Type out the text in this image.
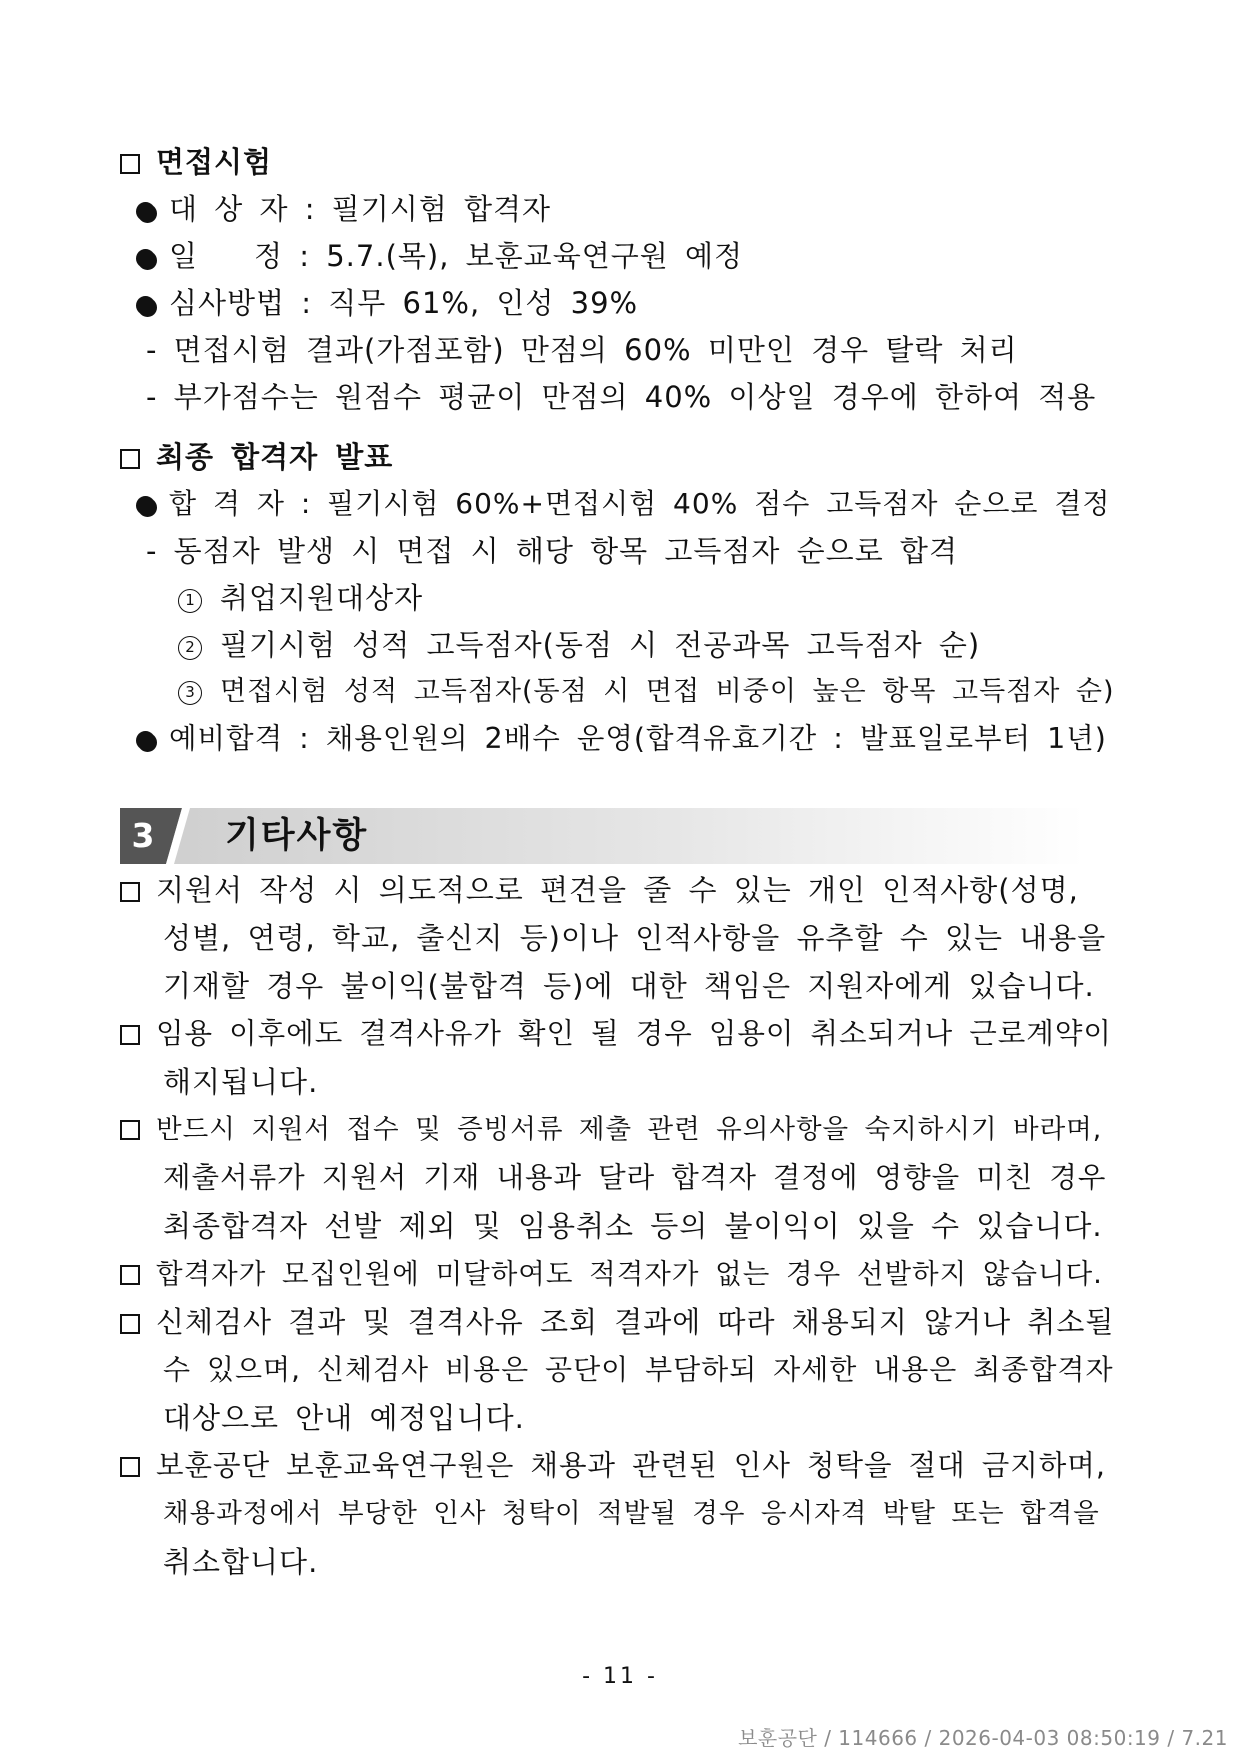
면접시험
대 상 자 : 필기시험 합격자
일 정 : 5.7.(목), 보훈교육연구원 예정
심사방법 : 직무 61%, 인성 39%
- 면접시험 결과(가점포함) 만점의 60% 미만인 경우 탈락 처리
- 부가점수는 원점수 평균이 만점의 40% 이상일 경우에 한하여 적용
최종 합격자 발표
합 격 자 : 필기시험 60%+면접시험 40% 점수 고득점자 순으로 결정
- 동점자 발생 시 면접 시 해당 항목 고득점자 순으로 합격
1 취업지원대상자
2 필기시험 성적 고득점자(동점 시 전공과목 고득점자 순)
3 면접시험 성적 고득점자(동점 시 면접 비중이 높은 항목 고득점자 순)
예비합격 : 채용인원의 2배수 운영(합격유효기간 : 발표일로부터 1년)
3	기타사항
지원서 작성 시 의도적으로 편견을 줄 수 있는 개인 인적사항(성명,
성별, 연령, 학교, 출신지 등)이나 인적사항을 유추할 수 있는 내용을
기재할 경우 불이익(불합격 등)에 대한 책임은 지원자에게 있습니다.
임용 이후에도 결격사유가 확인 될 경우 임용이 취소되거나 근로계약이
해지됩니다.
반드시 지원서 접수 및 증빙서류 제출 관련 유의사항을 숙지하시기 바라며,
제출서류가 지원서 기재 내용과 달라 합격자 결정에 영향을 미친 경우
최종합격자 선발 제외 및 임용취소 등의 불이익이 있을 수 있습니다.
합격자가 모집인원에 미달하여도 적격자가 없는 경우 선발하지 않습니다.
신체검사 결과 및 결격사유 조회 결과에 따라 채용되지 않거나 취소될
수 있으며, 신체검사 비용은 공단이 부담하되 자세한 내용은 최종합격자
대상으로 안내 예정입니다.
보훈공단 보훈교육연구원은 채용과 관련된 인사 청탁을 절대 금지하며,
채용과정에서 부당한 인사 청탁이 적발될 경우 응시자격 박탈 또는 합격을
취소합니다.
- 11 -
보훈공단 / 114666 / 2026-04-03 08:50:19 / 7.21
